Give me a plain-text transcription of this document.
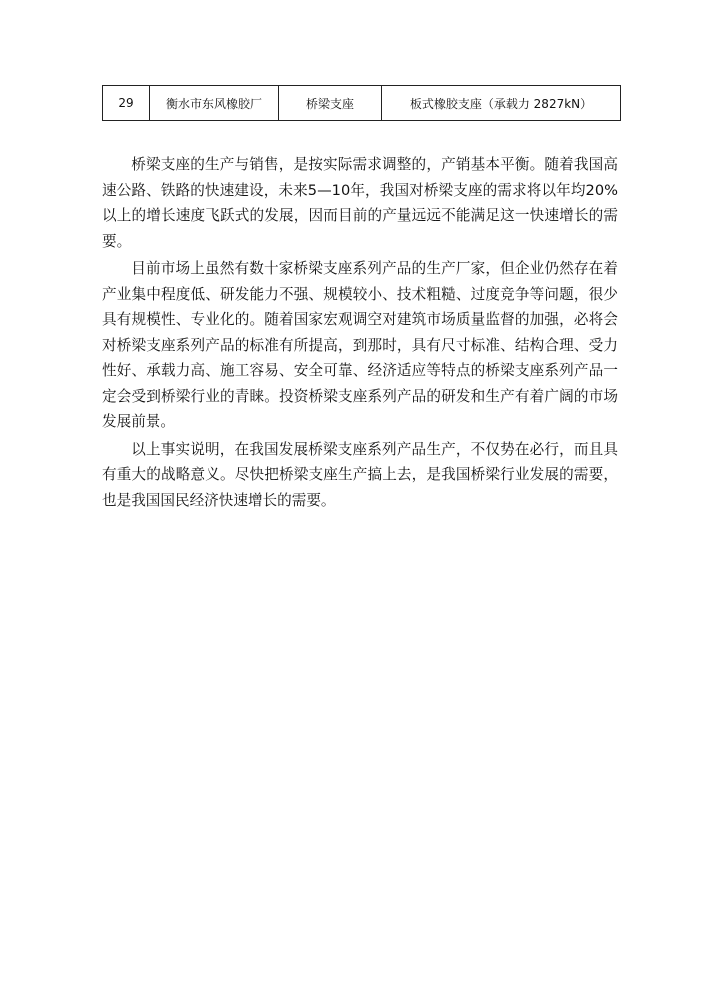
29	衡水市东风橡胶厂	桥梁支座	板式橡胶支座（承载力 2827kN）

桥梁支座的生产与销售，是按实际需求调整的，产销基本平衡。随着我国高速公路、铁路的快速建设，未来5—10年，我国对桥梁支座的需求将以年均20%以上的增长速度飞跃式的发展，因而目前的产量远远不能满足这一快速增长的需要。

目前市场上虽然有数十家桥梁支座系列产品的生产厂家，但企业仍然存在着产业集中程度低、研发能力不强、规模较小、技术粗糙、过度竞争等问题，很少具有规模性、专业化的。随着国家宏观调空对建筑市场质量监督的加强，必将会对桥梁支座系列产品的标准有所提高，到那时，具有尺寸标准、结构合理、受力性好、承载力高、施工容易、安全可靠、经济适应等特点的桥梁支座系列产品一定会受到桥梁行业的青睐。投资桥梁支座系列产品的研发和生产有着广阔的市场发展前景。

以上事实说明，在我国发展桥梁支座系列产品生产，不仅势在必行，而且具有重大的战略意义。尽快把桥梁支座生产搞上去，是我国桥梁行业发展的需要，也是我国国民经济快速增长的需要。
